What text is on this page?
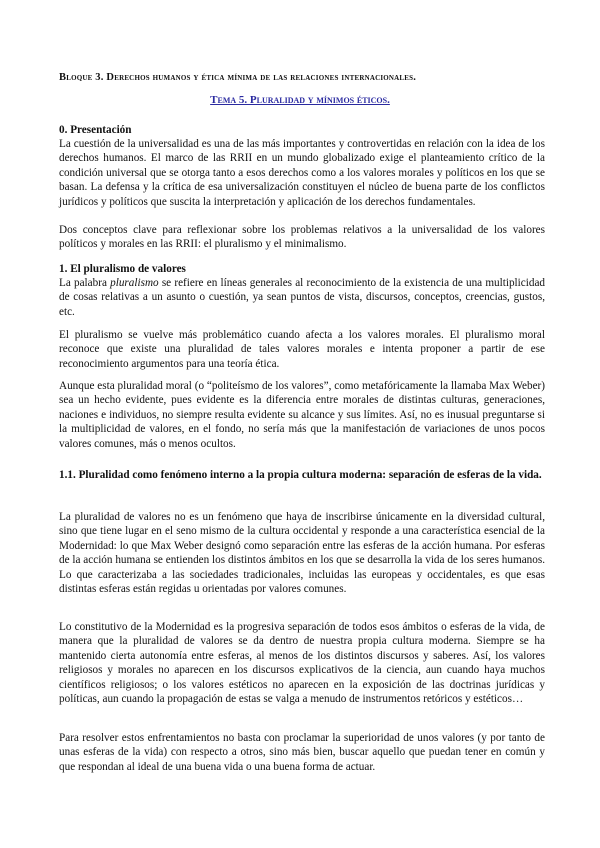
Bloque 3. Derechos humanos y ética mínima de las relaciones internacionales.
Tema 5. Pluralidad y mínimos éticos.
0. Presentación

La cuestión de la universalidad es una de las más importantes y controvertidas en relación con la idea de los derechos humanos. El marco de las RRII en un mundo globalizado exige el planteamiento crítico de la condición universal que se otorga tanto a esos derechos como a los valores morales y políticos en los que se basan. La defensa y la crítica de esa universalización constituyen el núcleo de buena parte de los conflictos jurídicos y políticos que suscita la interpretación y aplicación de los derechos fundamentales.

Dos conceptos clave para reflexionar sobre los problemas relativos a la universalidad de los valores políticos y morales en las RRII: el pluralismo y el minimalismo.

1. El pluralismo de valores

La palabra pluralismo se refiere en líneas generales al reconocimiento de la existencia de una multiplicidad de cosas relativas a un asunto o cuestión, ya sean puntos de vista, discursos, conceptos, creencias, gustos, etc.

El pluralismo se vuelve más problemático cuando afecta a los valores morales. El pluralismo moral reconoce que existe una pluralidad de tales valores morales e intenta proponer a partir de ese reconocimiento argumentos para una teoría ética.

Aunque esta pluralidad moral (o “politeísmo de los valores”, como metafóricamente la llamaba Max Weber) sea un hecho evidente, pues evidente es la diferencia entre morales de distintas culturas, generaciones, naciones e individuos, no siempre resulta evidente su alcance y sus límites. Así, no es inusual preguntarse si la multiplicidad de valores, en el fondo, no sería más que la manifestación de variaciones de unos pocos valores comunes, más o menos ocultos.

1.1. Pluralidad como fenómeno interno a la propia cultura moderna: separación de esferas de la vida.

La pluralidad de valores no es un fenómeno que haya de inscribirse únicamente en la diversidad cultural, sino que tiene lugar en el seno mismo de la cultura occidental y responde a una característica esencial de la Modernidad: lo que Max Weber designó como separación entre las esferas de la acción humana. Por esferas de la acción humana se entienden los distintos ámbitos en los que se desarrolla la vida de los seres humanos. Lo que caracterizaba a las sociedades tradicionales, incluidas las europeas y occidentales, es que esas distintas esferas están regidas u orientadas por valores comunes.

Lo constitutivo de la Modernidad es la progresiva separación de todos esos ámbitos o esferas de la vida, de manera que la pluralidad de valores se da dentro de nuestra propia cultura moderna. Siempre se ha mantenido cierta autonomía entre esferas, al menos de los distintos discursos y saberes. Así, los valores religiosos y morales no aparecen en los discursos explicativos de la ciencia, aun cuando haya muchos científicos religiosos; o los valores estéticos no aparecen en la exposición de las doctrinas jurídicas y políticas, aun cuando la propagación de estas se valga a menudo de instrumentos retóricos y estéticos…

Para resolver estos enfrentamientos no basta con proclamar la superioridad de unos valores (y por tanto de unas esferas de la vida) con respecto a otros, sino más bien, buscar aquello que puedan tener en común y que respondan al ideal de una buena vida o una buena forma de actuar.
